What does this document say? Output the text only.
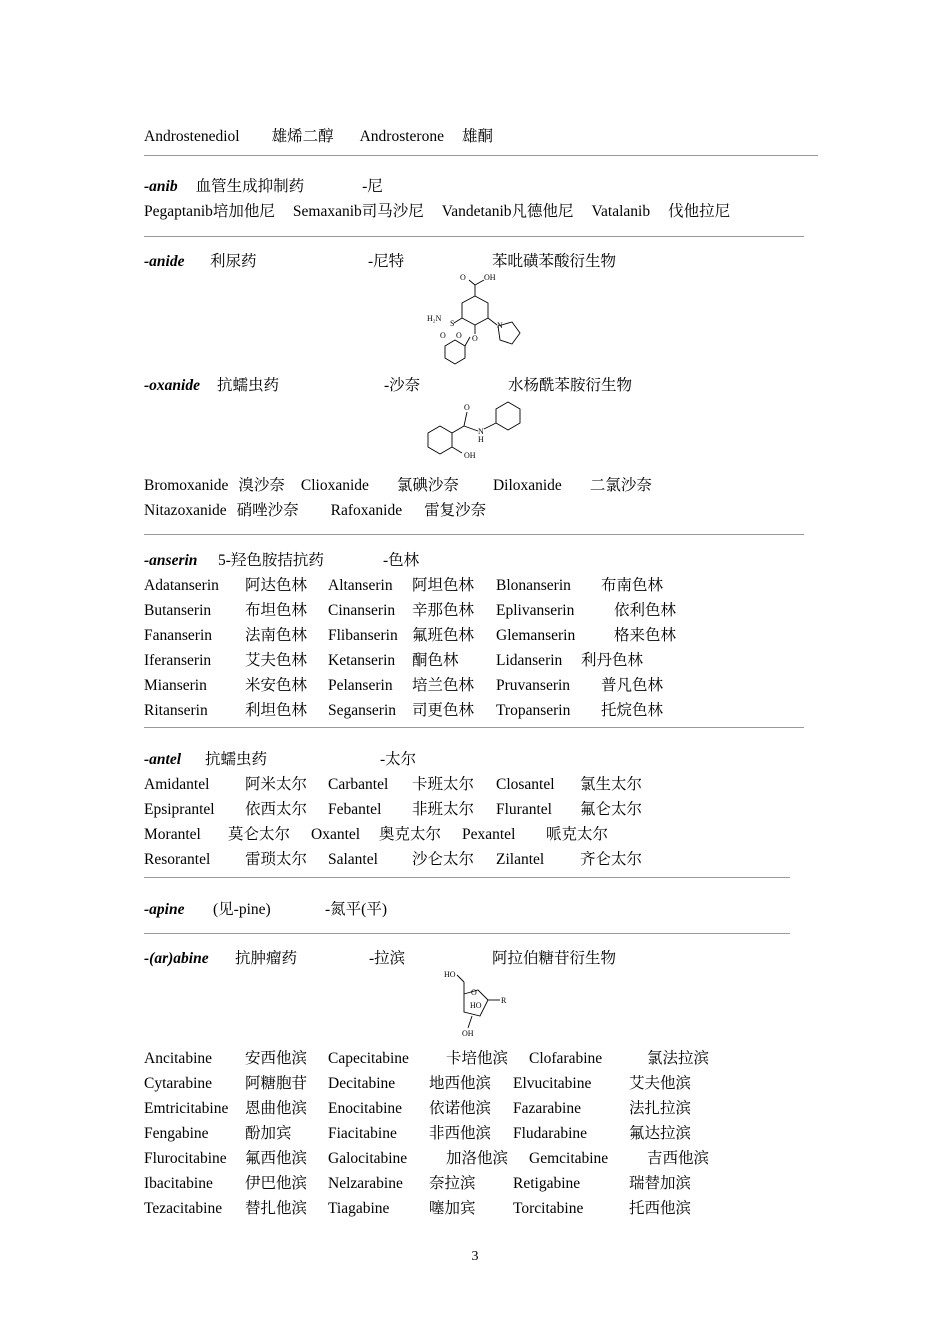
Androstenediol 雄烯二醇 Androsterone 雄酮
-anib 血管生成抑制药	-尼
Pegaptanib培加他尼 Semaxanib司马沙尼 Vandetanib凡德他尼 Vatalanib 伐他拉尼
-anide 利尿药	-尼特	苯吡磺苯酸衍生物
O OH
H₂N
S
O O
N
O
-oxanide 抗蠕虫药	-沙奈	水杨酰苯胺衍生物
O
N
H
OH
Bromoxanide 溴沙奈 Clioxanide 氯碘沙奈 Diloxanide 二氯沙奈
Nitazoxanide 硝唑沙奈 Rafoxanide 雷复沙奈
-anserin 5-羟色胺拮抗药	-色林
Adatanserin 阿达色林 Altanserin 阿坦色林 Blonanserin 布南色林
Butanserin 布坦色林 Cinanserin 辛那色林 Eplivanserin	依利色林
Fananserin 法南色林 Flibanserin 氟班色林 Glemanserin	格来色林
Iferanserin 艾夫色林 Ketanserin 酮色林 Lidanserin 利丹色林
Mianserin 米安色林 Pelanserin 培兰色林 Pruvanserin 普凡色林
Ritanserin 利坦色林 Seganserin 司更色林 Tropanserin 托烷色林
-antel 抗蠕虫药	-太尔
Amidantel 阿米太尔 Carbantel 卡班太尔 Closantel 氯生太尔
Epsiprantel 依西太尔 Febantel 非班太尔 Flurantel 氟仑太尔
Morantel 莫仑太尔 Oxantel 奥克太尔 Pexantel 哌克太尔
Resorantel 雷琐太尔 Salantel 沙仑太尔 Zilantel 齐仑太尔
-apine (见-pine)	-氮平(平)
-(ar)abine 抗肿瘤药	-拉滨	阿拉伯糖苷衍生物
HO
O
HO
R
OH
Ancitabine 安西他滨 Capecitabine 卡培他滨 Clofarabine	氯法拉滨
Cytarabine 阿糖胞苷 Decitabine 地西他滨 Elvucitabine 艾夫他滨
Emtricitabine 恩曲他滨 Enocitabine 依诺他滨 Fazarabine	法扎拉滨
Fengabine 酚加宾 Fiacitabine 非西他滨 Fludarabine	氟达拉滨
Flurocitabine 氟西他滨 Galocitabine	加洛他滨 Gemcitabine	吉西他滨
Ibacitabine 伊巴他滨 Nelzarabine 奈拉滨 Retigabine	瑞替加滨
Tezacitabine 替扎他滨 Tiagabine	噻加宾 Torcitabine	托西他滨
3
